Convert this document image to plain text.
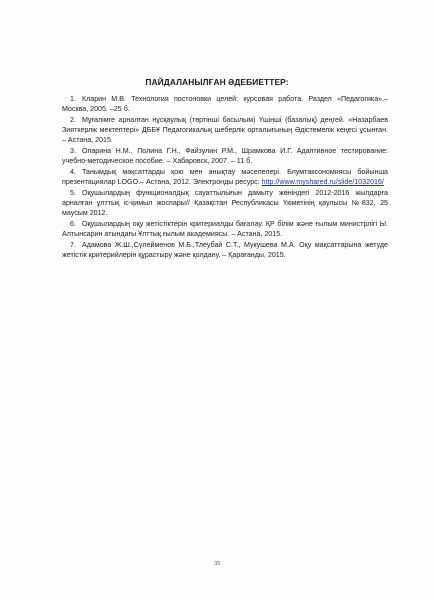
ПАЙДАЛАНЫЛҒАН ӘДЕБИЕТТЕР:
1. Кларин М.В. Технология постоновки целей: курсовая работа. Раздел «Педагогика».– Москва, 2005. –25 б.
2. Мұғалімге арналған нұсқаулық (төртінші басылым) Үшінші (базалық) деңгей. «Назарбаев Зияткерлік мектептері» ДББҰ Педагогикалық шеберлік орталығының Әдістемелік кеңесі ұсынған. – Астана, 2015.
3. Опарина Н.М., Полина Г.Н., Файзулин Р.М., Шрамкова И.Г. Адаптивное тестирование: учебно-методическое пособие. – Хабаровск, 2007. – 11 б.
4. Танымдық мақсаттарды қою мен анықтау мәселелері. Блумтаксономиясы бойынша презентациялар LOGO.– Астана, 2012. Электронды ресурс: http://www.myshared.ru/slide/1032016/
5. Оқушылардың функционалдық сауаттылығын дамыту жөніндегі 2012-2016 жылдарға арналған ұлттық іс-қимыл жоспары// Қазақстан Республикасы Үкіметінің қаулысы №832, 25 маусым 2012.
6. Оқушылардың оқу жетістіктерін критериалды бағалау. ҚР білім және ғылым министрлігі Ы. Алтынсарин атындағы Ұлттық ғылым академиясы. – Астана, 2015.
7. Адамова Ж.Ш.,Сүлейменов М.Б.,Тлеубай С.Т., Мукушева М.А. Оқу мақсаттарына жетуде жетістік критерийлерін құрастыру және қолдану. – Қарағанды, 2015.
35
